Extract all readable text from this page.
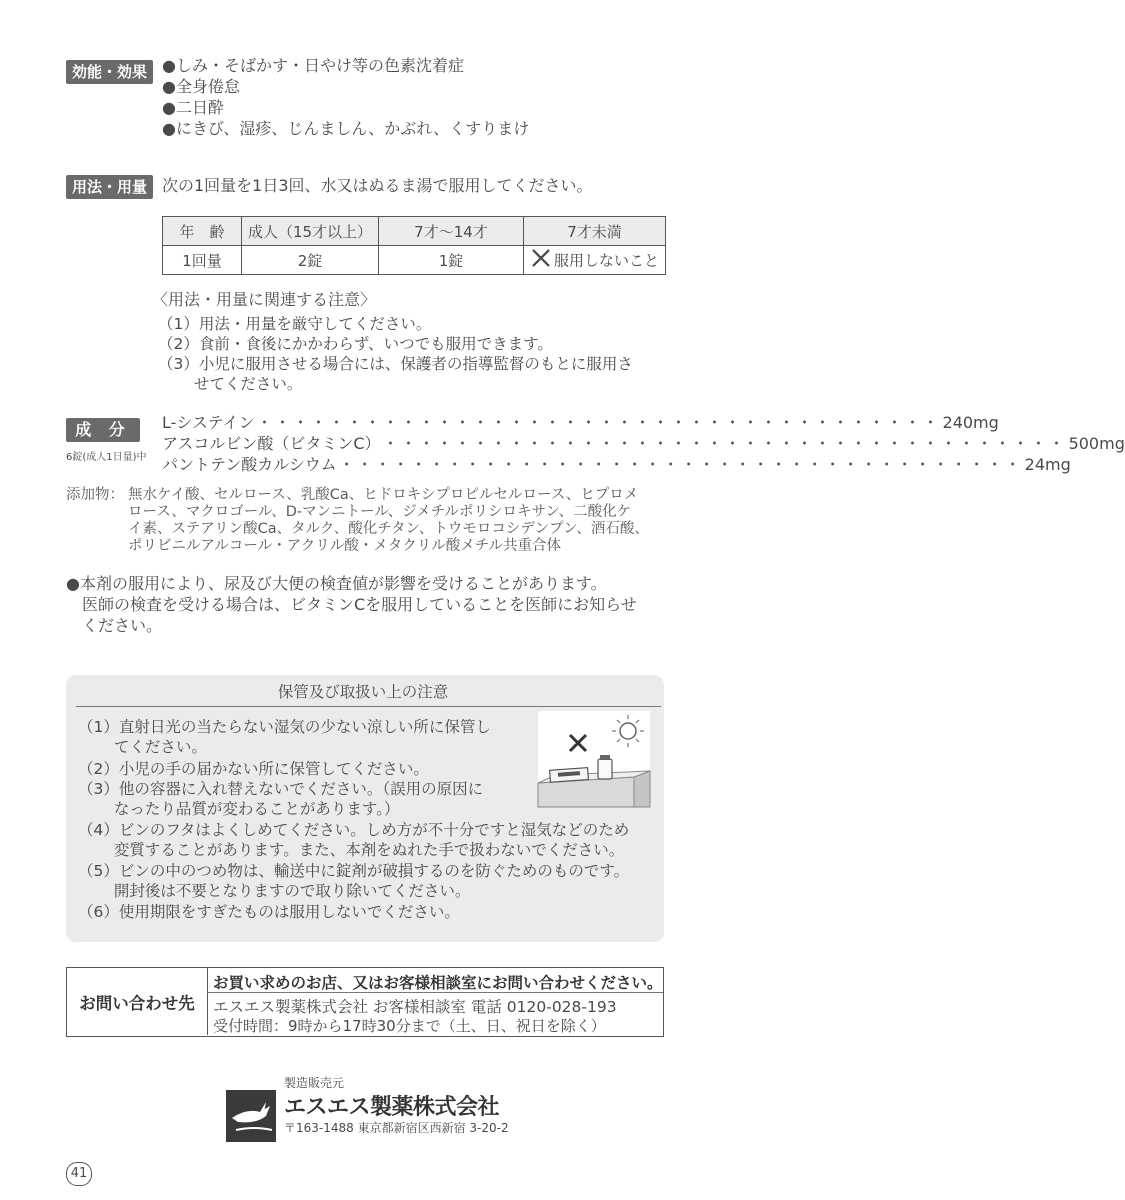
効能・効果 ●しみ・そばかす・日やけ等の色素沈着症
●全身倦怠
●二日酔
●にきび、湿疹、じんましん、かぶれ、くすりまけ
用法・用量 次の1回量を1日3回、水又はぬるま湯で服用してください。
年　齢	成人（15才以上）	7才～14才	7才未満
1回量	2錠	1錠	服用しないこと
〈用法・用量に関連する注意〉
（1）用法・用量を厳守してください。
（2）食前・食後にかかわらず、いつでも服用できます。
（3）小児に服用させる場合には、保護者の指導監督のもとに服用さ
　　 せてください。
成 分
6錠(成人1日量)中
L-システイン ・・・・・・・・・・・・・・・・・・・・・・・・・・・・・・・・・・・・・・ 240mg
アスコルビン酸（ビタミンC） ・・・・・・・・・・・・・・・・・・・・・・・・・・・・・・・・・・・・・・ 500mg
パントテン酸カルシウム ・・・・・・・・・・・・・・・・・・・・・・・・・・・・・・・・・・・・・・ 24mg
添加物： 無水ケイ酸、セルロース、乳酸Ca、ヒドロキシプロピルセルロース、ヒプロメ
ロース、マクロゴール、D-マンニトール、ジメチルポリシロキサン、二酸化ケ
イ素、ステアリン酸Ca、タルク、酸化チタン、トウモロコシデンプン、酒石酸、
ポリビニルアルコール・アクリル酸・メタクリル酸メチル共重合体
●本剤の服用により、尿及び大便の検査値が影響を受けることがあります。
　医師の検査を受ける場合は、ビタミンCを服用していることを医師にお知らせ
　ください。
保管及び取扱い上の注意
（1）直射日光の当たらない湿気の少ない涼しい所に保管し
　　 てください。
（2）小児の手の届かない所に保管してください。
（3）他の容器に入れ替えないでください。（誤用の原因に
　　 なったり品質が変わることがあります。）
（4）ビンのフタはよくしめてください。しめ方が不十分ですと湿気などのため
　　 変質することがあります。また、本剤をぬれた手で扱わないでください。
（5）ビンの中のつめ物は、輸送中に錠剤が破損するのを防ぐためのものです。
　　 開封後は不要となりますので取り除いてください。
（6）使用期限をすぎたものは服用しないでください。
お問い合わせ先
お買い求めのお店、又はお客様相談室にお問い合わせください。
エスエス製薬株式会社 お客様相談室 電話 0120-028-193
受付時間：9時から17時30分まで（土、日、祝日を除く）
製造販売元
エスエス製薬株式会社
〒163-1488 東京都新宿区西新宿 3-20-2
41
